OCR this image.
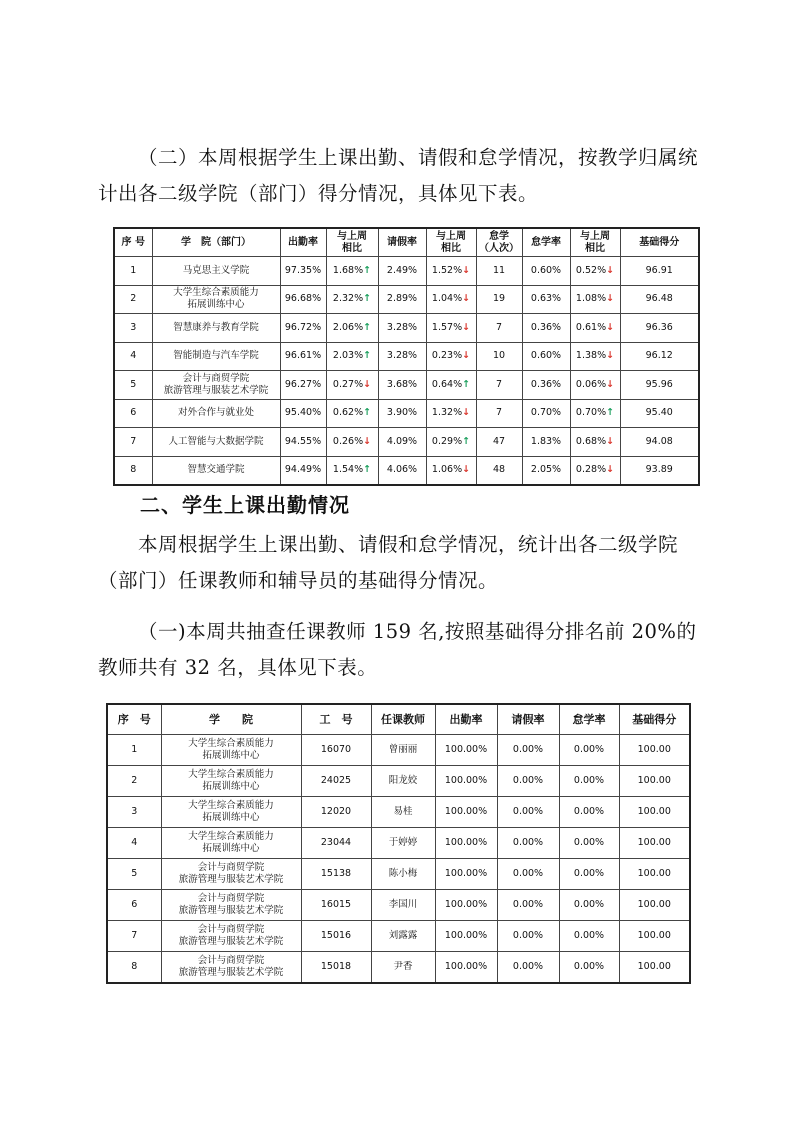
（二）本周根据学生上课出勤、请假和怠学情况，按教学归属统计出各二级学院（部门）得分情况，具体见下表。

序 号	学　院（部门）	出勤率	与上周
相比	请假率	与上周
相比	怠学
（人次）	怠学率	与上周
相比	基础得分
1	马克思主义学院	97.35%	1.68%↑	2.49%	1.52%↓	11	0.60%	0.52%↓	96.91
2	大学生综合素质能力
拓展训练中心	96.68%	2.32%↑	2.89%	1.04%↓	19	0.63%	1.08%↓	96.48
3	智慧康养与教育学院	96.72%	2.06%↑	3.28%	1.57%↓	7	0.36%	0.61%↓	96.36
4	智能制造与汽车学院	96.61%	2.03%↑	3.28%	0.23%↓	10	0.60%	1.38%↓	96.12
5	会计与商贸学院
旅游管理与服装艺术学院	96.27%	0.27%↓	3.68%	0.64%↑	7	0.36%	0.06%↓	95.96
6	对外合作与就业处	95.40%	0.62%↑	3.90%	1.32%↓	7	0.70%	0.70%↑	95.40
7	人工智能与大数据学院	94.55%	0.26%↓	4.09%	0.29%↑	47	1.83%	0.68%↓	94.08
8	智慧交通学院	94.49%	1.54%↑	4.06%	1.06%↓	48	2.05%	0.28%↓	93.89

二、学生上课出勤情况

本周根据学生上课出勤、请假和怠学情况，统计出各二级学院（部门）任课教师和辅导员的基础得分情况。

（一)本周共抽查任课教师 159 名,按照基础得分排名前 20%的教师共有 32 名，具体见下表。

序　号	学　　院	工　号	任课教师	出勤率	请假率	怠学率	基础得分
1	大学生综合素质能力
拓展训练中心	16070	曾丽丽	100.00%	0.00%	0.00%	100.00
2	大学生综合素质能力
拓展训练中心	24025	阳龙姣	100.00%	0.00%	0.00%	100.00
3	大学生综合素质能力
拓展训练中心	12020	易桂	100.00%	0.00%	0.00%	100.00
4	大学生综合素质能力
拓展训练中心	23044	于婷婷	100.00%	0.00%	0.00%	100.00
5	会计与商贸学院
旅游管理与服装艺术学院	15138	陈小梅	100.00%	0.00%	0.00%	100.00
6	会计与商贸学院
旅游管理与服装艺术学院	16015	李国川	100.00%	0.00%	0.00%	100.00
7	会计与商贸学院
旅游管理与服装艺术学院	15016	刘露露	100.00%	0.00%	0.00%	100.00
8	会计与商贸学院
旅游管理与服装艺术学院	15018	尹香	100.00%	0.00%	0.00%	100.00
